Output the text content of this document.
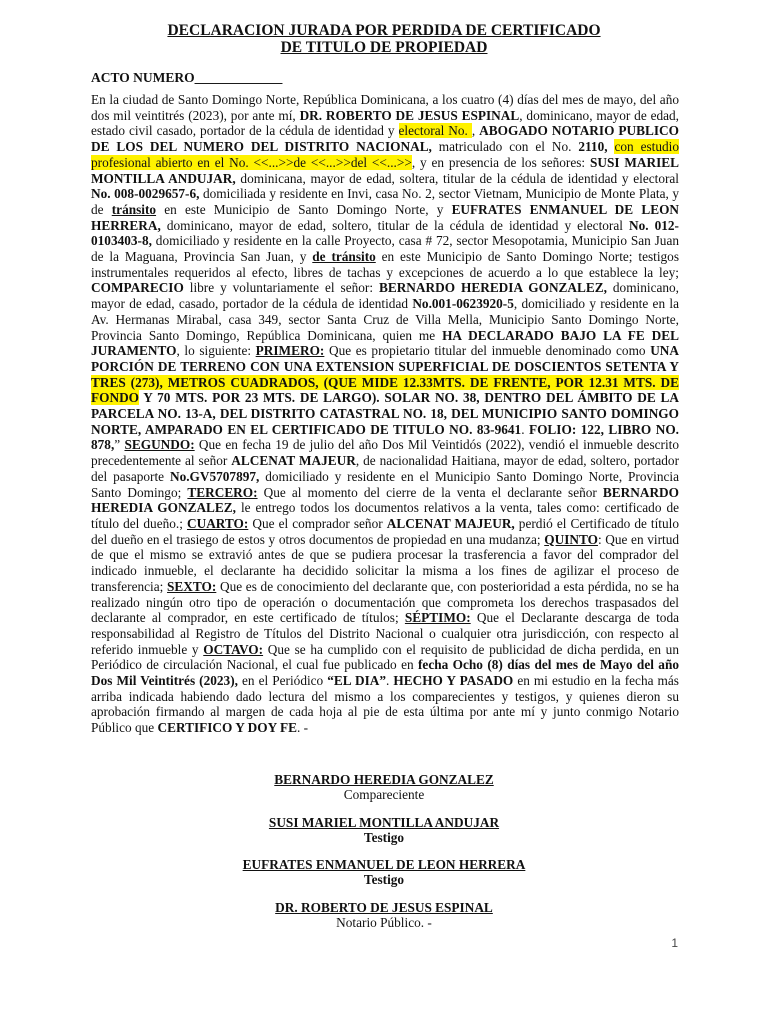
DECLARACION JURADA POR PERDIDA DE CERTIFICADO
DE TITULO DE PROPIEDAD
ACTO NUMERO_____________
En la ciudad de Santo Domingo Norte, República Dominicana, a los cuatro (4) días del mes de mayo, del año dos mil veintitrés (2023), por ante mí, DR. ROBERTO DE JESUS ESPINAL, dominicano, mayor de edad, estado civil casado, portador de la cédula de identidad y electoral No. , ABOGADO NOTARIO PUBLICO DE LOS DEL NUMERO DEL DISTRITO NACIONAL, matriculado con el No. 2110, con estudio profesional abierto en el No. <<...>>de <<...>>del <<...>>, y en presencia de los señores: SUSI MARIEL MONTILLA ANDUJAR, dominicana, mayor de edad, soltera, titular de la cédula de identidad y electoral No. 008-0029657-6, domiciliada y residente en Invi, casa No. 2, sector Vietnam, Municipio de Monte Plata, y de tránsito en este Municipio de Santo Domingo Norte, y EUFRATES ENMANUEL DE LEON HERRERA, dominicano, mayor de edad, soltero, titular de la cédula de identidad y electoral No. 012-0103403-8, domiciliado y residente en la calle Proyecto, casa # 72, sector Mesopotamia, Municipio San Juan de la Maguana, Provincia San Juan, y de tránsito en este Municipio de Santo Domingo Norte; testigos instrumentales requeridos al efecto, libres de tachas y excepciones de acuerdo a lo que establece la ley; COMPARECIO libre y voluntariamente el señor: BERNARDO HEREDIA GONZALEZ, dominicano, mayor de edad, casado, portador de la cédula de identidad No.001-0623920-5, domiciliado y residente en la Av. Hermanas Mirabal, casa 349, sector Santa Cruz de Villa Mella, Municipio Santo Domingo Norte, Provincia Santo Domingo, República Dominicana, quien me HA DECLARADO BAJO LA FE DEL JURAMENTO, lo siguiente: PRIMERO: Que es propietario titular del inmueble denominado como UNA PORCIÓN DE TERRENO CON UNA EXTENSION SUPERFICIAL DE DOSCIENTOS SETENTA Y TRES (273), METROS CUADRADOS, (QUE MIDE 12.33MTS. DE FRENTE, POR 12.31 MTS. DE FONDO Y 70 MTS. POR 23 MTS. DE LARGO). SOLAR NO. 38, DENTRO DEL ÁMBITO DE LA PARCELA NO. 13-A, DEL DISTRITO CATASTRAL NO. 18, DEL MUNICIPIO SANTO DOMINGO NORTE, AMPARADO EN EL CERTIFICADO DE TITULO NO. 83-9641. FOLIO: 122, LIBRO NO. 878,” SEGUNDO: Que en fecha 19 de julio del año Dos Mil Veintidós (2022), vendió el inmueble descrito precedentemente al señor ALCENAT MAJEUR, de nacionalidad Haitiana, mayor de edad, soltero, portador del pasaporte No.GV5707897, domiciliado y residente en el Municipio Santo Domingo Norte, Provincia Santo Domingo; TERCERO: Que al momento del cierre de la venta el declarante señor BERNARDO HEREDIA GONZALEZ, le entrego todos los documentos relativos a la venta, tales como: certificado de título del dueño.; CUARTO: Que el comprador señor ALCENAT MAJEUR, perdió el Certificado de título del dueño en el trasiego de estos y otros documentos de propiedad en una mudanza; QUINTO: Que en virtud de que el mismo se extravió antes de que se pudiera procesar la trasferencia a favor del comprador del indicado inmueble, el declarante ha decidido solicitar la misma a los fines de agilizar el proceso de transferencia; SEXTO: Que es de conocimiento del declarante que, con posterioridad a esta pérdida, no se ha realizado ningún otro tipo de operación o documentación que comprometa los derechos traspasados del declarante al comprador, en este certificado de títulos; SÉPTIMO: Que el Declarante descarga de toda responsabilidad al Registro de Títulos del Distrito Nacional o cualquier otra jurisdicción, con respecto al referido inmueble y OCTAVO: Que se ha cumplido con el requisito de publicidad de dicha perdida, en un Periódico de circulación Nacional, el cual fue publicado en fecha Ocho (8) días del mes de Mayo del año Dos Mil Veintitrés (2023), en el Periódico “EL DIA”. HECHO Y PASADO en mi estudio en la fecha más arriba indicada habiendo dado lectura del mismo a los comparecientes y testigos, y quienes dieron su aprobación firmando al margen de cada hoja al pie de esta última por ante mí y junto conmigo Notario Público que CERTIFICO Y DOY FE. -
BERNARDO HEREDIA GONZALEZ
Compareciente
SUSI MARIEL MONTILLA ANDUJAR
Testigo
EUFRATES ENMANUEL DE LEON HERRERA
Testigo
DR. ROBERTO DE JESUS ESPINAL
Notario Público. -
1
